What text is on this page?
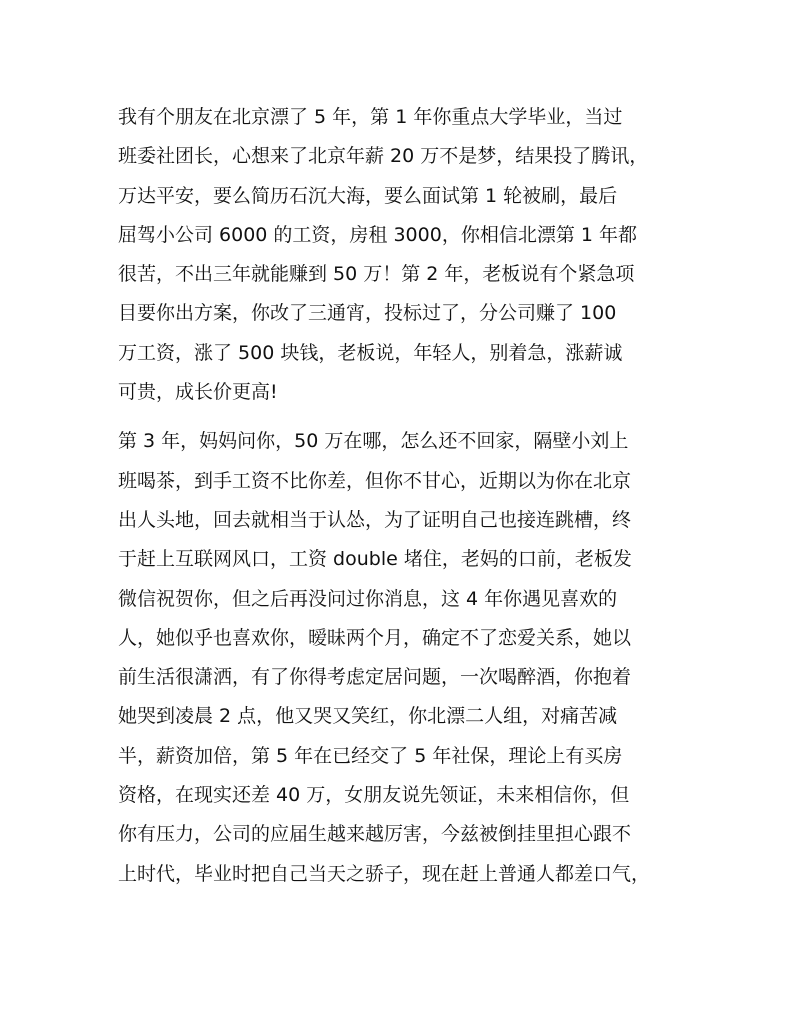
我有个朋友在北京漂了 5 年，第 1 年你重点大学毕业，当过
班委社团长，心想来了北京年薪 20 万不是梦，结果投了腾讯，
万达平安，要么简历石沉大海，要么面试第 1 轮被刷，最后
屈驾小公司 6000 的工资，房租 3000，你相信北漂第 1 年都
很苦，不出三年就能赚到 50 万！第 2 年，老板说有个紧急项
目要你出方案，你改了三通宵，投标过了，分公司赚了 100
万工资，涨了 500 块钱，老板说，年轻人，别着急，涨薪诚
可贵，成长价更高!
第 3 年，妈妈问你，50 万在哪，怎么还不回家，隔壁小刘上
班喝茶，到手工资不比你差，但你不甘心，近期以为你在北京
出人头地，回去就相当于认怂，为了证明自己也接连跳槽，终
于赶上互联网风口，工资 double 堵住，老妈的口前，老板发
微信祝贺你，但之后再没问过你消息，这 4 年你遇见喜欢的
人，她似乎也喜欢你，暧昧两个月，确定不了恋爱关系，她以
前生活很潇洒，有了你得考虑定居问题，一次喝醉酒，你抱着
她哭到凌晨 2 点，他又哭又笑红，你北漂二人组，对痛苦减
半，薪资加倍，第 5 年在已经交了 5 年社保，理论上有买房
资格，在现实还差 40 万，女朋友说先领证，未来相信你，但
你有压力，公司的应届生越来越厉害，今兹被倒挂里担心跟不
上时代，毕业时把自己当天之骄子，现在赶上普通人都差口气，
